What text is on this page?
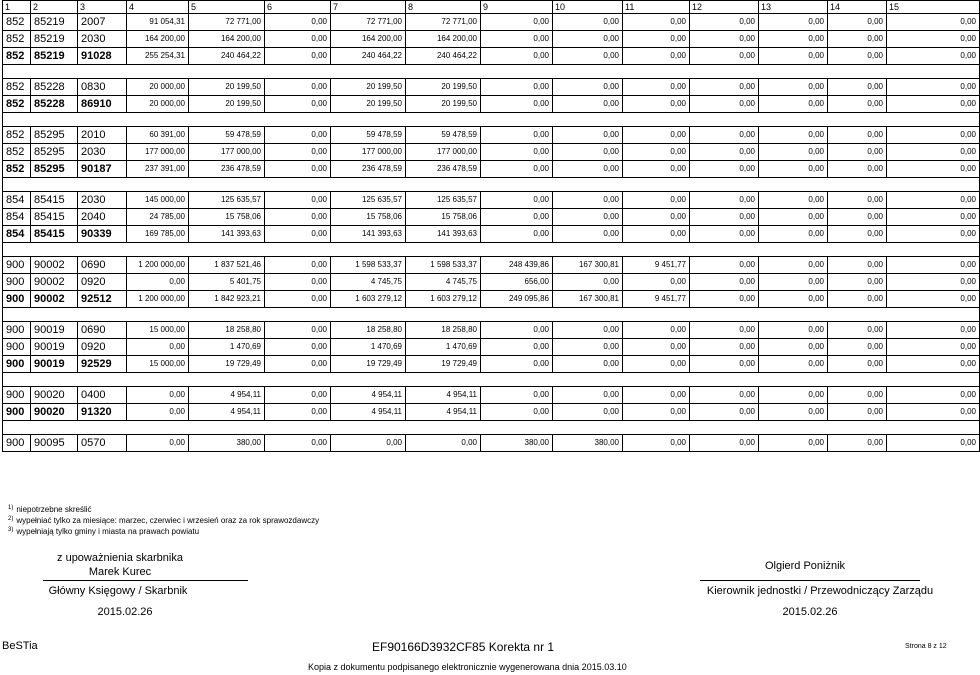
1	2	3	4	5	6	7	8	9	10	11	12	13	14	15
852	85219	2007	91 054,31	72 771,00	0,00	72 771,00	72 771,00	0,00	0,00	0,00	0,00	0,00	0,00	0,00
852	85219	2030	164 200,00	164 200,00	0,00	164 200,00	164 200,00	0,00	0,00	0,00	0,00	0,00	0,00	0,00
852	85219	91028	255 254,31	240 464,22	0,00	240 464,22	240 464,22	0,00	0,00	0,00	0,00	0,00	0,00	0,00

852	85228	0830	20 000,00	20 199,50	0,00	20 199,50	20 199,50	0,00	0,00	0,00	0,00	0,00	0,00	0,00
852	85228	86910	20 000,00	20 199,50	0,00	20 199,50	20 199,50	0,00	0,00	0,00	0,00	0,00	0,00	0,00

852	85295	2010	60 391,00	59 478,59	0,00	59 478,59	59 478,59	0,00	0,00	0,00	0,00	0,00	0,00	0,00
852	85295	2030	177 000,00	177 000,00	0,00	177 000,00	177 000,00	0,00	0,00	0,00	0,00	0,00	0,00	0,00
852	85295	90187	237 391,00	236 478,59	0,00	236 478,59	236 478,59	0,00	0,00	0,00	0,00	0,00	0,00	0,00

854	85415	2030	145 000,00	125 635,57	0,00	125 635,57	125 635,57	0,00	0,00	0,00	0,00	0,00	0,00	0,00
854	85415	2040	24 785,00	15 758,06	0,00	15 758,06	15 758,06	0,00	0,00	0,00	0,00	0,00	0,00	0,00
854	85415	90339	169 785,00	141 393,63	0,00	141 393,63	141 393,63	0,00	0,00	0,00	0,00	0,00	0,00	0,00

900	90002	0690	1 200 000,00	1 837 521,46	0,00	1 598 533,37	1 598 533,37	248 439,86	167 300,81	9 451,77	0,00	0,00	0,00	0,00
900	90002	0920	0,00	5 401,75	0,00	4 745,75	4 745,75	656,00	0,00	0,00	0,00	0,00	0,00	0,00
900	90002	92512	1 200 000,00	1 842 923,21	0,00	1 603 279,12	1 603 279,12	249 095,86	167 300,81	9 451,77	0,00	0,00	0,00	0,00

900	90019	0690	15 000,00	18 258,80	0,00	18 258,80	18 258,80	0,00	0,00	0,00	0,00	0,00	0,00	0,00
900	90019	0920	0,00	1 470,69	0,00	1 470,69	1 470,69	0,00	0,00	0,00	0,00	0,00	0,00	0,00
900	90019	92529	15 000,00	19 729,49	0,00	19 729,49	19 729,49	0,00	0,00	0,00	0,00	0,00	0,00	0,00

900	90020	0400	0,00	4 954,11	0,00	4 954,11	4 954,11	0,00	0,00	0,00	0,00	0,00	0,00	0,00
900	90020	91320	0,00	4 954,11	0,00	4 954,11	4 954,11	0,00	0,00	0,00	0,00	0,00	0,00	0,00

900	90095	0570	0,00	380,00	0,00	0,00	0,00	380,00	380,00	0,00	0,00	0,00	0,00	0,00
$^{1)}$ niepotrzebne skreślić
$^{2)}$ wypełniać tylko za miesiące: marzec, czerwiec i wrzesień oraz za rok sprawozdawczy
$^{3)}$ wypełniają tylko gminy i miasta na prawach powiatu
z upoważnienia skarbnika
Marek Kurec
Główny Księgowy / Skarbnik
2015.02.26
Olgierd Poniżnik
Kierownik jednostki / Przewodniczący Zarządu
2015.02.26
BeSTia	EF90166D3932CF85 Korekta nr 1	Strona 8 z 12
Kopia z dokumentu podpisanego elektronicznie wygenerowana dnia 2015.03.10
